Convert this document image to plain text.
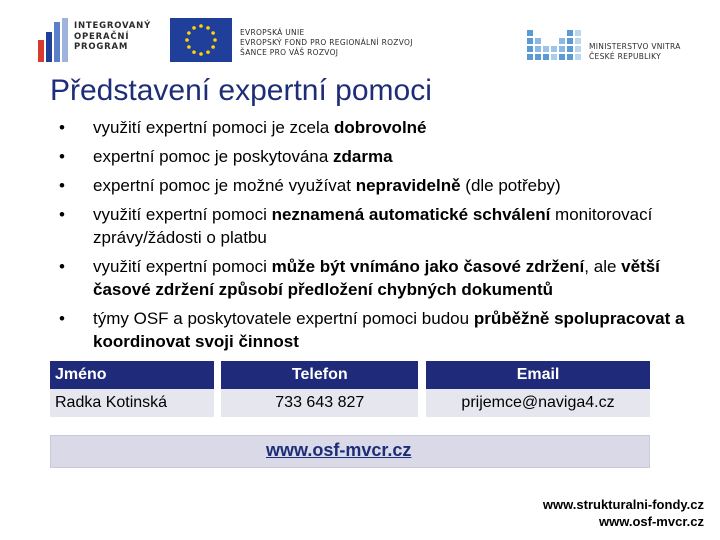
INTEGROVANÝ
OPERAČNÍ
PROGRAM
EVROPSKÁ UNIE
EVROPSKÝ FOND PRO REGIONÁLNÍ ROZVOJ
ŠANCE PRO VÁŠ ROZVOJ
MINISTERSTVO VNITRA
ČESKÉ REPUBLIKY
Představení expertní pomoci
• využití expertní pomoci je zcela dobrovolné
• expertní pomoc je poskytována zdarma
• expertní pomoc je možné využívat nepravidelně (dle potřeby)
• využití expertní pomoci neznamená automatické schválení monitorovací zprávy/žádosti o platbu
• využití expertní pomoci může být vnímáno jako časové zdržení, ale větší časové zdržení způsobí předložení chybných dokumentů
• týmy OSF a poskytovatele expertní pomoci budou průběžně spolupracovat a koordinovat svoji činnost
Jméno		Telefon		Email
Radka Kotinská		733 643 827		prijemce@naviga4.cz
www.osf-mvcr.cz
www.strukturalni-fondy.cz
www.osf-mvcr.cz
